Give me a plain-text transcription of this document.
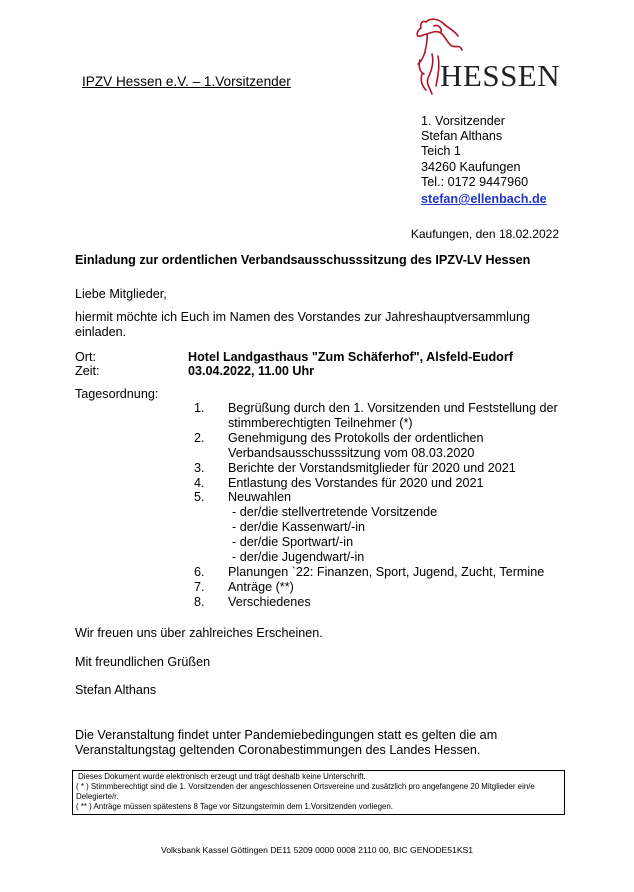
IPZV Hessen e.V. – 1.Vorsitzender	HESSEN
1. Vorsitzender
Stefan Althans
Teich 1
34260 Kaufungen
Tel.: 0172 9447960
stefan@ellenbach.de
Kaufungen, den 18.02.2022
Einladung zur ordentlichen Verbandsausschusssitzung des IPZV-LV Hessen
Liebe Mitglieder,
hiermit möchte ich Euch im Namen des Vorstandes zur Jahreshauptversammlung einladen.
Ort:	Hotel Landgasthaus "Zum Schäferhof", Alsfeld-Eudorf
Zeit:	03.04.2022, 11.00 Uhr
Tagesordnung:
1.	Begrüßung durch den 1. Vorsitzenden und Feststellung der stimmberechtigten Teilnehmer (*)
2.	Genehmigung des Protokolls der ordentlichen Verbandsausschusssitzung vom 08.03.2020
3.	Berichte der Vorstandsmitglieder für 2020 und 2021
4.	Entlastung des Vorstandes für 2020 und 2021
5.	Neuwahlen
- der/die stellvertretende Vorsitzende
- der/die Kassenwart/-in
- der/die Sportwart/-in
- der/die Jugendwart/-in
6.	Planungen `22: Finanzen, Sport, Jugend, Zucht, Termine
7.	Anträge (**)
8.	Verschiedenes
Wir freuen uns über zahlreiches Erscheinen.
Mit freundlichen Grüßen
Stefan Althans
Die Veranstaltung findet unter Pandemiebedingungen statt es gelten die am Veranstaltungstag geltenden Coronabestimmungen des Landes Hessen.
Dieses Dokument wurde elektronisch erzeugt und trägt deshalb keine Unterschrift.
( * ) Stimmberechtigt sind die 1. Vorsitzenden der angeschlossenen Ortsvereine und zusätzlich pro angefangene 20 Mitglieder ein/e Delegierte/r.
( ** ) Anträge müssen spätestens 8 Tage vor Sitzungstermin dem 1.Vorsitzenden vorliegen.
Volksbank Kassel Göttingen DE11 5209 0000 0008 2110 00, BIC GENODE51KS1
